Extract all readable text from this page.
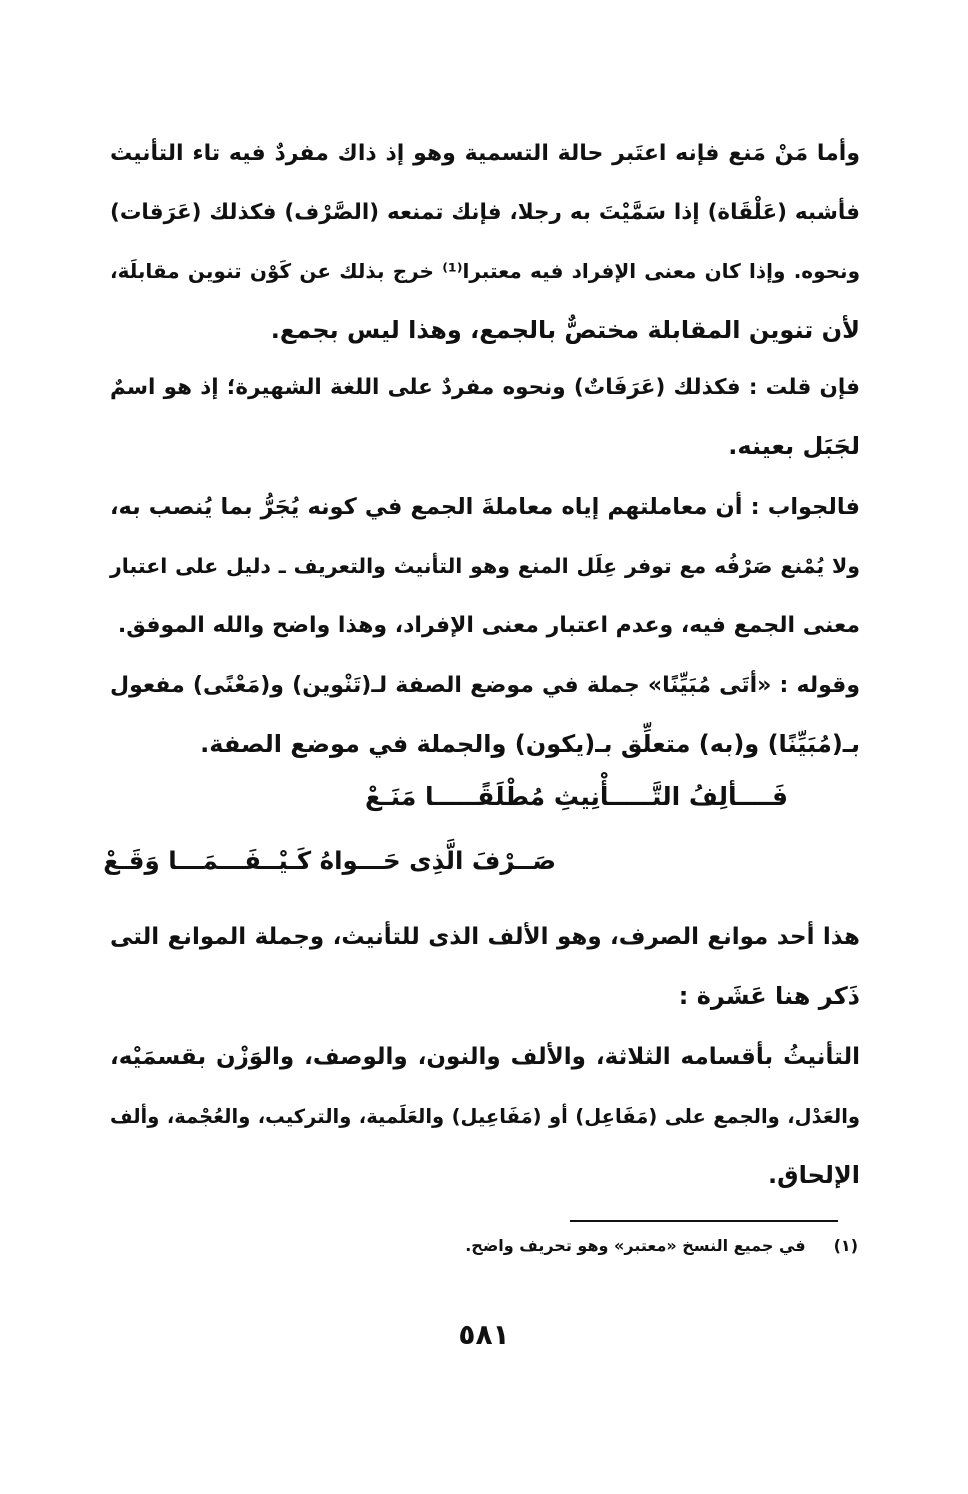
وأما مَنْ مَنع فإنه اعتَبر حالة التسمية وهو إذ ذاك مفردٌ فيه تاء التأنيث
فأشبه (عَلْقَاة) إذا سَمَّيْتَ به رجلا، فإنك تمنعه (الصَّرْف) فكذلك (عَرَقات)
ونحوه. وإذا كان معنى الإفراد فيه معتبرا⁽¹⁾ خرج بذلك عن كَوْن تنوين مقابلَة،
لأن تنوين المقابلة مختصٌّ بالجمع، وهذا ليس بجمع.
فإن قلت : فكذلك (عَرَفَاتٌ) ونحوه مفردٌ على اللغة الشهيرة؛ إذ هو اسمٌ
لجَبَل بعينه.
فالجواب : أن معاملتهم إياه معاملةَ الجمع في كونه يُجَرُّ بما يُنصب به،
ولا يُمْنع صَرْفُه مع توفر عِلَل المنع وهو التأنيث والتعريف ـ دليل على اعتبار
معنى الجمع فيه، وعدم اعتبار معنى الإفراد، وهذا واضح والله الموفق.
وقوله : «أتَى مُبَيِّنًا» جملة في موضع الصفة لـ(تَنْوين) و(مَعْنًى) مفعول
بـ(مُبَيِّنًا) و(به) متعلِّق بـ(يكون) والجملة في موضع الصفة.
فَــــألِفُ التَّـــــأْنِيثِ مُطْلَقًـــــا مَنَـعْ
صَــرْفَ الَّذِى حَـــواهُ كَـيْــفَـــمَـــا وَقَـعْ
هذا أحد موانع الصرف، وهو الألف الذى للتأنيث، وجملة الموانع التى
ذَكر هنا عَشَرة :
التأنيثُ بأقسامه الثلاثة، والألف والنون، والوصف، والوَزْن بقسمَيْه،
والعَدْل، والجمع على (مَفَاعِل) أو (مَفَاعِيل) والعَلَمية، والتركيب، والعُجْمة، وألف
الإلحاق.
(١)في جميع النسخ «معتبر» وهو تحريف واضح.
٥٨١
